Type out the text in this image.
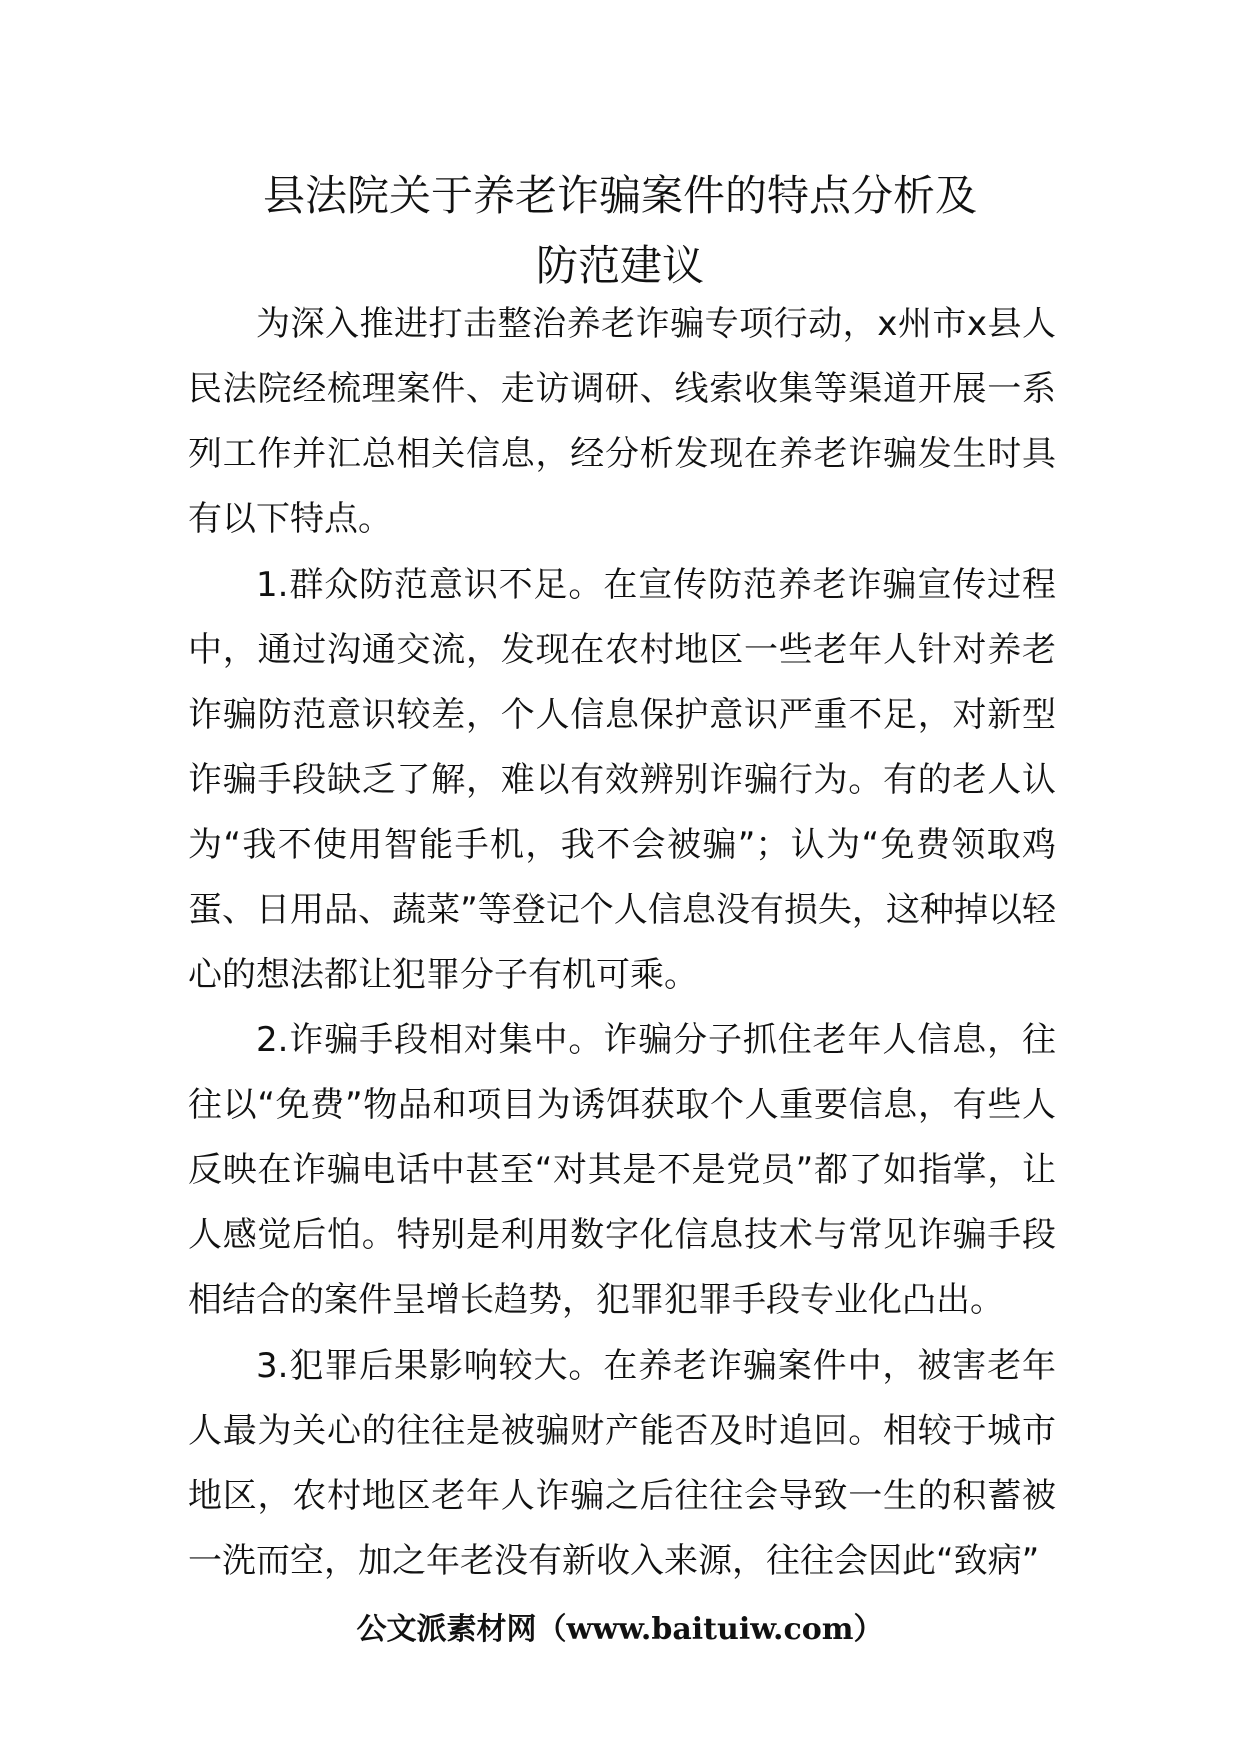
县法院关于养老诈骗案件的特点分析及
防范建议

为深入推进打击整治养老诈骗专项行动，x州市x县人民法院经梳理案件、走访调研、线索收集等渠道开展一系列工作并汇总相关信息，经分析发现在养老诈骗发生时具有以下特点。

1.群众防范意识不足。在宣传防范养老诈骗宣传过程中，通过沟通交流，发现在农村地区一些老年人针对养老诈骗防范意识较差，个人信息保护意识严重不足，对新型诈骗手段缺乏了解，难以有效辨别诈骗行为。有的老人认为“我不使用智能手机，我不会被骗”；认为“免费领取鸡蛋、日用品、蔬菜”等登记个人信息没有损失，这种掉以轻心的想法都让犯罪分子有机可乘。

2.诈骗手段相对集中。诈骗分子抓住老年人信息，往往以“免费”物品和项目为诱饵获取个人重要信息，有些人反映在诈骗电话中甚至“对其是不是党员”都了如指掌，让人感觉后怕。特别是利用数字化信息技术与常见诈骗手段相结合的案件呈增长趋势，犯罪犯罪手段专业化凸出。

3.犯罪后果影响较大。在养老诈骗案件中，被害老年人最为关心的往往是被骗财产能否及时追回。相较于城市地区，农村地区老年人诈骗之后往往会导致一生的积蓄被一洗而空，加之年老没有新收入来源，往往会因此“致病”

公文派素材网（www.baituiw.com）
